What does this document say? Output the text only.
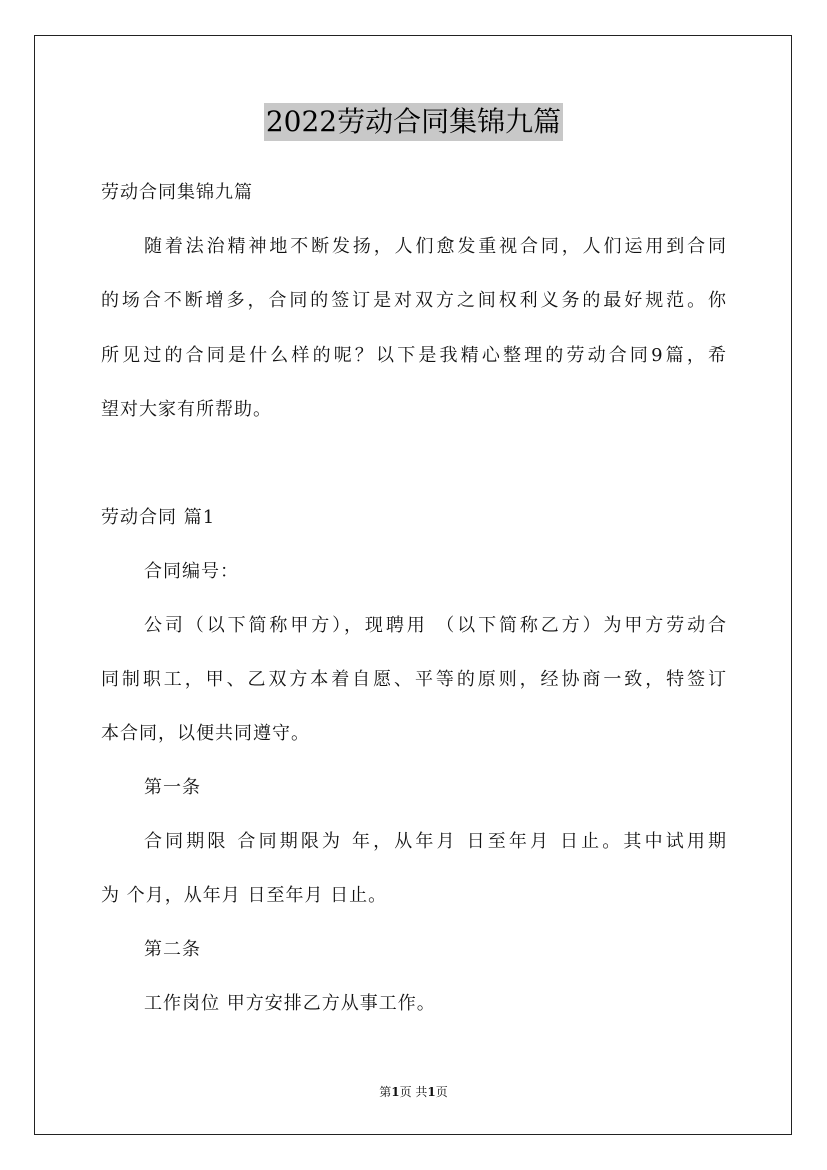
2022劳动合同集锦九篇
劳动合同集锦九篇
随着法治精神地不断发扬，人们愈发重视合同，人们运用到合同
的场合不断增多，合同的签订是对双方之间权利义务的最好规范。你
所见过的合同是什么样的呢？以下是我精心整理的劳动合同9篇，希
望对大家有所帮助。
劳动合同 篇1
合同编号：
公司（以下简称甲方），现聘用 （以下简称乙方）为甲方劳动合
同制职工，甲、乙双方本着自愿、平等的原则，经协商一致，特签订
本合同，以便共同遵守。
第一条
合同期限 合同期限为 年，从年月 日至年月 日止。其中试用期
为 个月，从年月 日至年月 日止。
第二条
工作岗位 甲方安排乙方从事工作。
第1页 共1页
